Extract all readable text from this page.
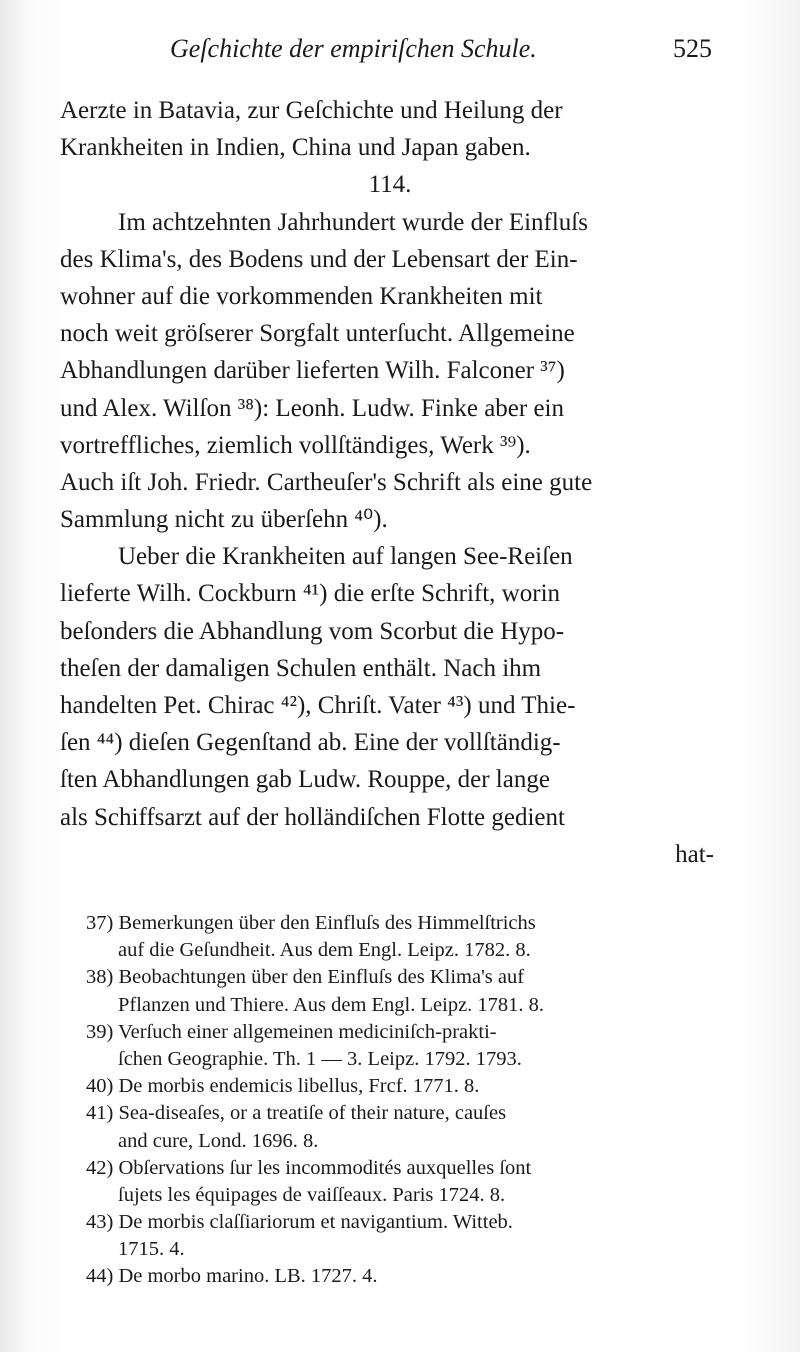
Geſchichte der empiriſchen Schule.	525
Aerzte in Batavia, zur Geſchichte und Heilung der
Krankheiten in Indien, China und Japan gaben.
114.
Im achtzehnten Jahrhundert wurde der Einfluſs
des Klima's, des Bodens und der Lebensart der Ein-
wohner auf die vorkommenden Krankheiten mit
noch weit gröſserer Sorgfalt unterſucht. Allgemeine
Abhandlungen darüber lieferten Wilh. Falconer ³⁷)
und Alex. Wilſon ³⁸): Leonh. Ludw. Finke aber ein
vortreffliches, ziemlich vollſtändiges, Werk ³⁹).
Auch iſt Joh. Friedr. Cartheuſer's Schrift als eine gute
Sammlung nicht zu überſehn ⁴⁰).
Ueber die Krankheiten auf langen See-Reiſen
lieferte Wilh. Cockburn ⁴¹) die erſte Schrift, worin
beſonders die Abhandlung vom Scorbut die Hypo-
theſen der damaligen Schulen enthält. Nach ihm
handelten Pet. Chirac ⁴²), Chriſt. Vater ⁴³) und Thie-
ſen ⁴⁴) dieſen Gegenſtand ab. Eine der vollſtändig-
ſten Abhandlungen gab Ludw. Rouppe, der lange
als Schiffsarzt auf der holländiſchen Flotte gedient
hat-
37) Bemerkungen über den Einfluſs des Himmelſtrichs
auf die Geſundheit. Aus dem Engl. Leipz. 1782. 8.
38) Beobachtungen über den Einfluſs des Klima's auf
Pflanzen und Thiere. Aus dem Engl. Leipz. 1781. 8.
39) Verſuch einer allgemeinen mediciniſch-prakti-
ſchen Geographie. Th. 1 — 3. Leipz. 1792. 1793.
40) De morbis endemicis libellus, Frcf. 1771. 8.
41) Sea-diseaſes, or a treatiſe of their nature, cauſes
and cure, Lond. 1696. 8.
42) Obſervations ſur les incommodités auxquelles ſont
ſujets les équipages de vaiſſeaux. Paris 1724. 8.
43) De morbis claſſiariorum et navigantium. Witteb.
1715. 4.
44) De morbo marino. LB. 1727. 4.
